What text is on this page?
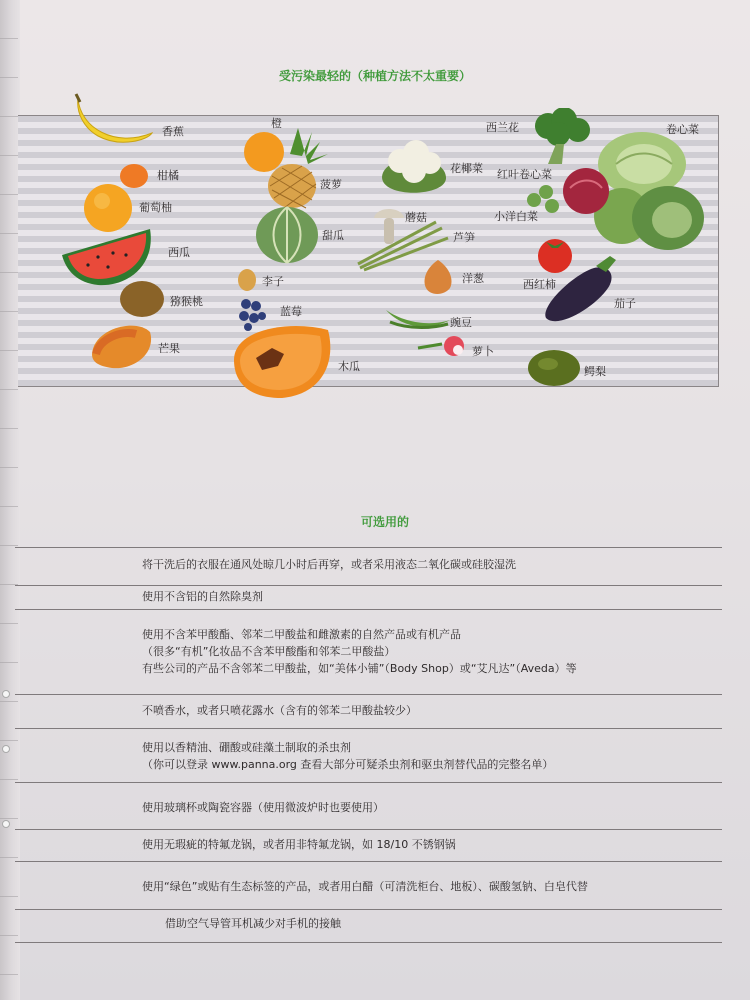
受污染最轻的（种植方法不太重要）
香蕉
橙	西兰花	卷心菜
柑橘
葡萄柚
西瓜
猕猴桃
芒果
菠萝
甜瓜
李子
蓝莓
木瓜
花椰菜
蘑菇
芦笋
洋葱
豌豆
萝卜
红叶卷心菜
小洋白菜
西红柿
茄子
鳄梨
可选用的
将干洗后的衣服在通风处晾几小时后再穿，或者采用液态二氧化碳或硅胶湿洗
使用不含铝的自然除臭剂
使用不含苯甲酸酯、邻苯二甲酸盐和雌激素的自然产品或有机产品
（很多“有机”化妆品不含苯甲酸酯和邻苯二甲酸盐）
有些公司的产品不含邻苯二甲酸盐，如“美体小铺”（Body Shop）或“艾凡达”（Aveda）等
不喷香水，或者只喷花露水（含有的邻苯二甲酸盐较少）
使用以香精油、硼酸或硅藻土制取的杀虫剂
（你可以登录 www.panna.org 查看大部分可疑杀虫剂和驱虫剂替代品的完整名单）
使用玻璃杯或陶瓷容器（使用微波炉时也要使用）
使用无瑕疵的特氟龙锅，或者用非特氟龙锅，如 18/10 不锈钢锅
使用“绿色”或贴有生态标签的产品，或者用白醋（可清洗柜台、地板）、碳酸氢钠、白皂代替
借助空气导管耳机减少对手机的接触
